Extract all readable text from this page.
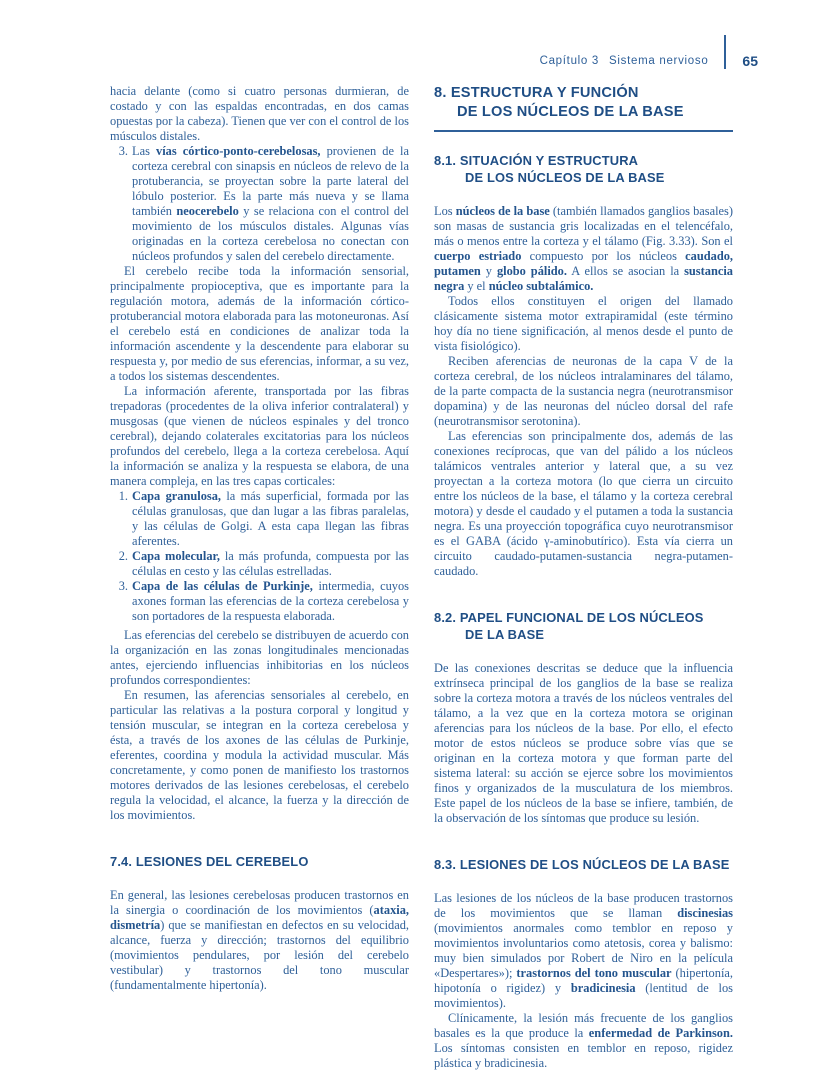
Capítulo 3 Sistema nervioso 65

hacia delante (como si cuatro personas durmieran, de costado y con las espaldas encontradas, en dos camas opuestas por la cabeza). Tienen que ver con el control de los músculos distales.

3. Las vías córtico-ponto-cerebelosas, provienen de la corteza cerebral con sinapsis en núcleos de relevo de la protuberancia, se proyectan sobre la parte lateral del lóbulo posterior. Es la parte más nueva y se llama también neocerebelo y se relaciona con el control del movimiento de los músculos distales. Algunas vías originadas en la corteza cerebelosa no conectan con núcleos profundos y salen del cerebelo directamente.

El cerebelo recibe toda la información sensorial, principalmente propioceptiva, que es importante para la regulación motora, además de la información córtico-protuberancial motora elaborada para las motoneuronas. Así el cerebelo está en condiciones de analizar toda la información ascendente y la descendente para elaborar su respuesta y, por medio de sus eferencias, informar, a su vez, a todos los sistemas descendentes.

La información aferente, transportada por las fibras trepadoras (procedentes de la oliva inferior contralateral) y musgosas (que vienen de núcleos espinales y del tronco cerebral), dejando colaterales excitatorias para los núcleos profundos del cerebelo, llega a la corteza cerebelosa. Aquí la información se analiza y la respuesta se elabora, de una manera compleja, en las tres capas corticales:

1. Capa granulosa, la más superficial, formada por las células granulosas, que dan lugar a las fibras paralelas, y las células de Golgi. A esta capa llegan las fibras aferentes.
2. Capa molecular, la más profunda, compuesta por las células en cesto y las células estrelladas.
3. Capa de las células de Purkinje, intermedia, cuyos axones forman las eferencias de la corteza cerebelosa y son portadores de la respuesta elaborada.

Las eferencias del cerebelo se distribuyen de acuerdo con la organización en las zonas longitudinales mencionadas antes, ejerciendo influencias inhibitorias en los núcleos profundos correspondientes:

En resumen, las aferencias sensoriales al cerebelo, en particular las relativas a la postura corporal y longitud y tensión muscular, se integran en la corteza cerebelosa y ésta, a través de los axones de las células de Purkinje, eferentes, coordina y modula la actividad muscular. Más concretamente, y como ponen de manifiesto los trastornos motores derivados de las lesiones cerebelosas, el cerebelo regula la velocidad, el alcance, la fuerza y la dirección de los movimientos.

7.4. LESIONES DEL CEREBELO

En general, las lesiones cerebelosas producen trastornos en la sinergia o coordinación de los movimientos (ataxia, dismetría) que se manifiestan en defectos en su velocidad, alcance, fuerza y dirección; trastornos del equilibrio (movimientos pendulares, por lesión del cerebelo vestibular) y trastornos del tono muscular (fundamentalmente hipertonía).

8. ESTRUCTURA Y FUNCIÓN
DE LOS NÚCLEOS DE LA BASE
8.1. SITUACIÓN Y ESTRUCTURA
DE LOS NÚCLEOS DE LA BASE

Los núcleos de la base (también llamados ganglios basales) son masas de sustancia gris localizadas en el telencéfalo, más o menos entre la corteza y el tálamo (Fig. 3.33). Son el cuerpo estriado compuesto por los núcleos caudado, putamen y globo pálido. A ellos se asocian la sustancia negra y el núcleo subtalámico.

Todos ellos constituyen el origen del llamado clásicamente sistema motor extrapiramidal (este término hoy día no tiene significación, al menos desde el punto de vista fisiológico).

Reciben aferencias de neuronas de la capa V de la corteza cerebral, de los núcleos intralaminares del tálamo, de la parte compacta de la sustancia negra (neurotransmisor dopamina) y de las neuronas del núcleo dorsal del rafe (neurotransmisor serotonina).

Las eferencias son principalmente dos, además de las conexiones recíprocas, que van del pálido a los núcleos talámicos ventrales anterior y lateral que, a su vez proyectan a la corteza motora (lo que cierra un circuito entre los núcleos de la base, el tálamo y la corteza cerebral motora) y desde el caudado y el putamen a toda la sustancia negra. Es una proyección topográfica cuyo neurotransmisor es el GABA (ácido γ-aminobutírico). Esta vía cierra un circuito caudado-putamen-sustancia negra-putamen-caudado.

8.2. PAPEL FUNCIONAL DE LOS NÚCLEOS
DE LA BASE

De las conexiones descritas se deduce que la influencia extrínseca principal de los ganglios de la base se realiza sobre la corteza motora a través de los núcleos ventrales del tálamo, a la vez que en la corteza motora se originan aferencias para los núcleos de la base. Por ello, el efecto motor de estos núcleos se produce sobre vías que se originan en la corteza motora y que forman parte del sistema lateral: su acción se ejerce sobre los movimientos finos y organizados de la musculatura de los miembros. Este papel de los núcleos de la base se infiere, también, de la observación de los síntomas que produce su lesión.

8.3. LESIONES DE LOS NÚCLEOS DE LA BASE

Las lesiones de los núcleos de la base producen trastornos de los movimientos que se llaman discinesias (movimientos anormales como temblor en reposo y movimientos involuntarios como atetosis, corea y balismo: muy bien simulados por Robert de Niro en la película «Despertares»); trastornos del tono muscular (hipertonía, hipotonía o rigidez) y bradicinesia (lentitud de los movimientos).

Clínicamente, la lesión más frecuente de los ganglios basales es la que produce la enfermedad de Parkinson. Los síntomas consisten en temblor en reposo, rigidez plástica y bradicinesia.
